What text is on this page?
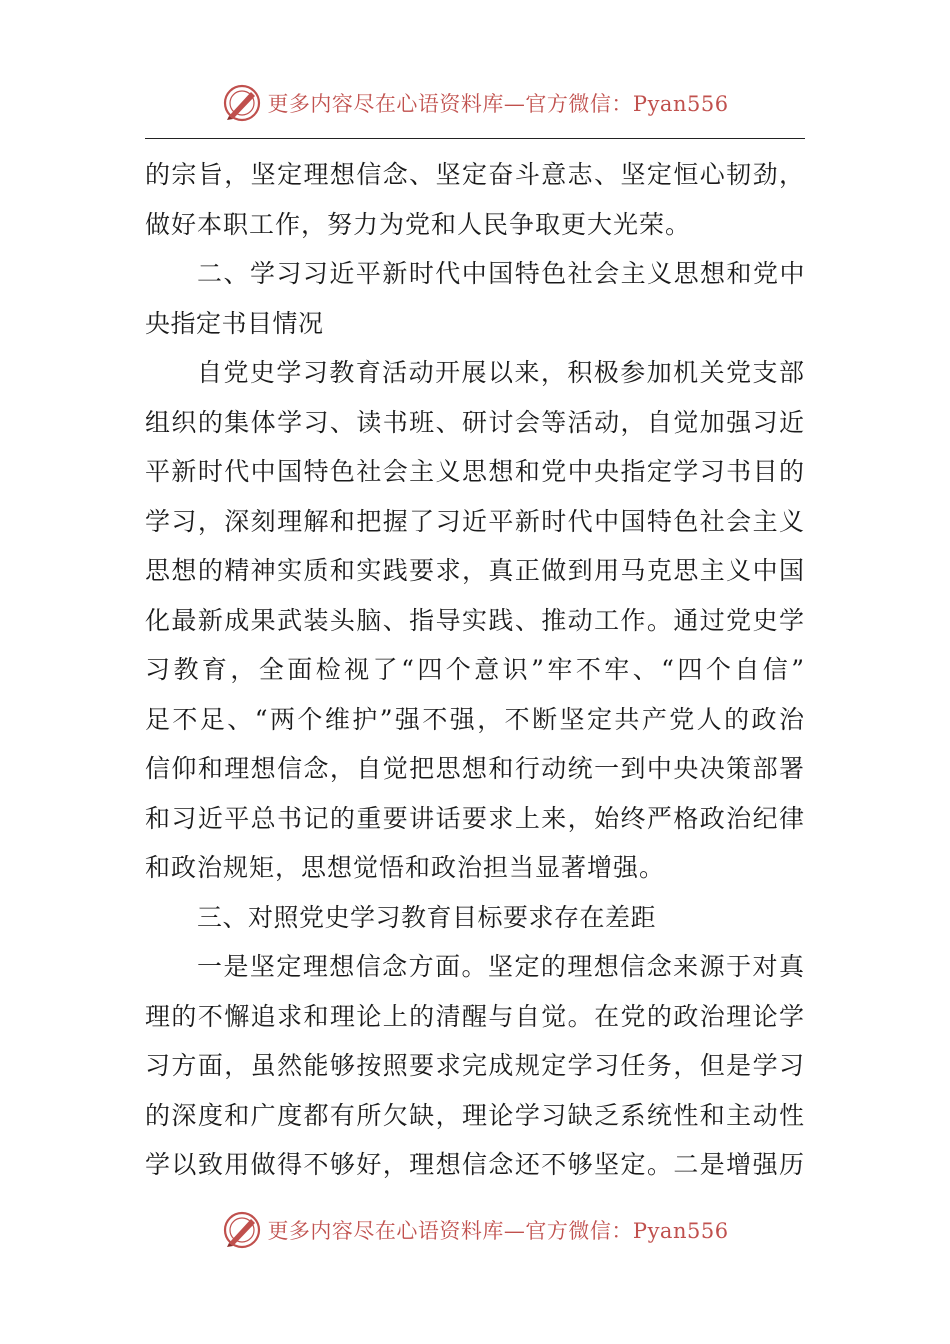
更多内容尽在心语资料库—官方微信：Pyan556
的宗旨，坚定理想信念、坚定奋斗意志、坚定恒心韧劲，
做好本职工作，努力为党和人民争取更大光荣。
二、学习习近平新时代中国特色社会主义思想和党中
央指定书目情况
自党史学习教育活动开展以来，积极参加机关党支部
组织的集体学习、读书班、研讨会等活动，自觉加强习近
平新时代中国特色社会主义思想和党中央指定学习书目的
学习，深刻理解和把握了习近平新时代中国特色社会主义
思想的精神实质和实践要求，真正做到用马克思主义中国
化最新成果武装头脑、指导实践、推动工作。通过党史学
习教育，全面检视了“四个意识”牢不牢、“四个自信”
足不足、“两个维护”强不强，不断坚定共产党人的政治
信仰和理想信念，自觉把思想和行动统一到中央决策部署
和习近平总书记的重要讲话要求上来，始终严格政治纪律
和政治规矩，思想觉悟和政治担当显著增强。
三、对照党史学习教育目标要求存在差距
一是坚定理想信念方面。坚定的理想信念来源于对真
理的不懈追求和理论上的清醒与自觉。在党的政治理论学
习方面，虽然能够按照要求完成规定学习任务，但是学习
的深度和广度都有所欠缺，理论学习缺乏系统性和主动性
学以致用做得不够好，理想信念还不够坚定。二是增强历
更多内容尽在心语资料库—官方微信：Pyan556
